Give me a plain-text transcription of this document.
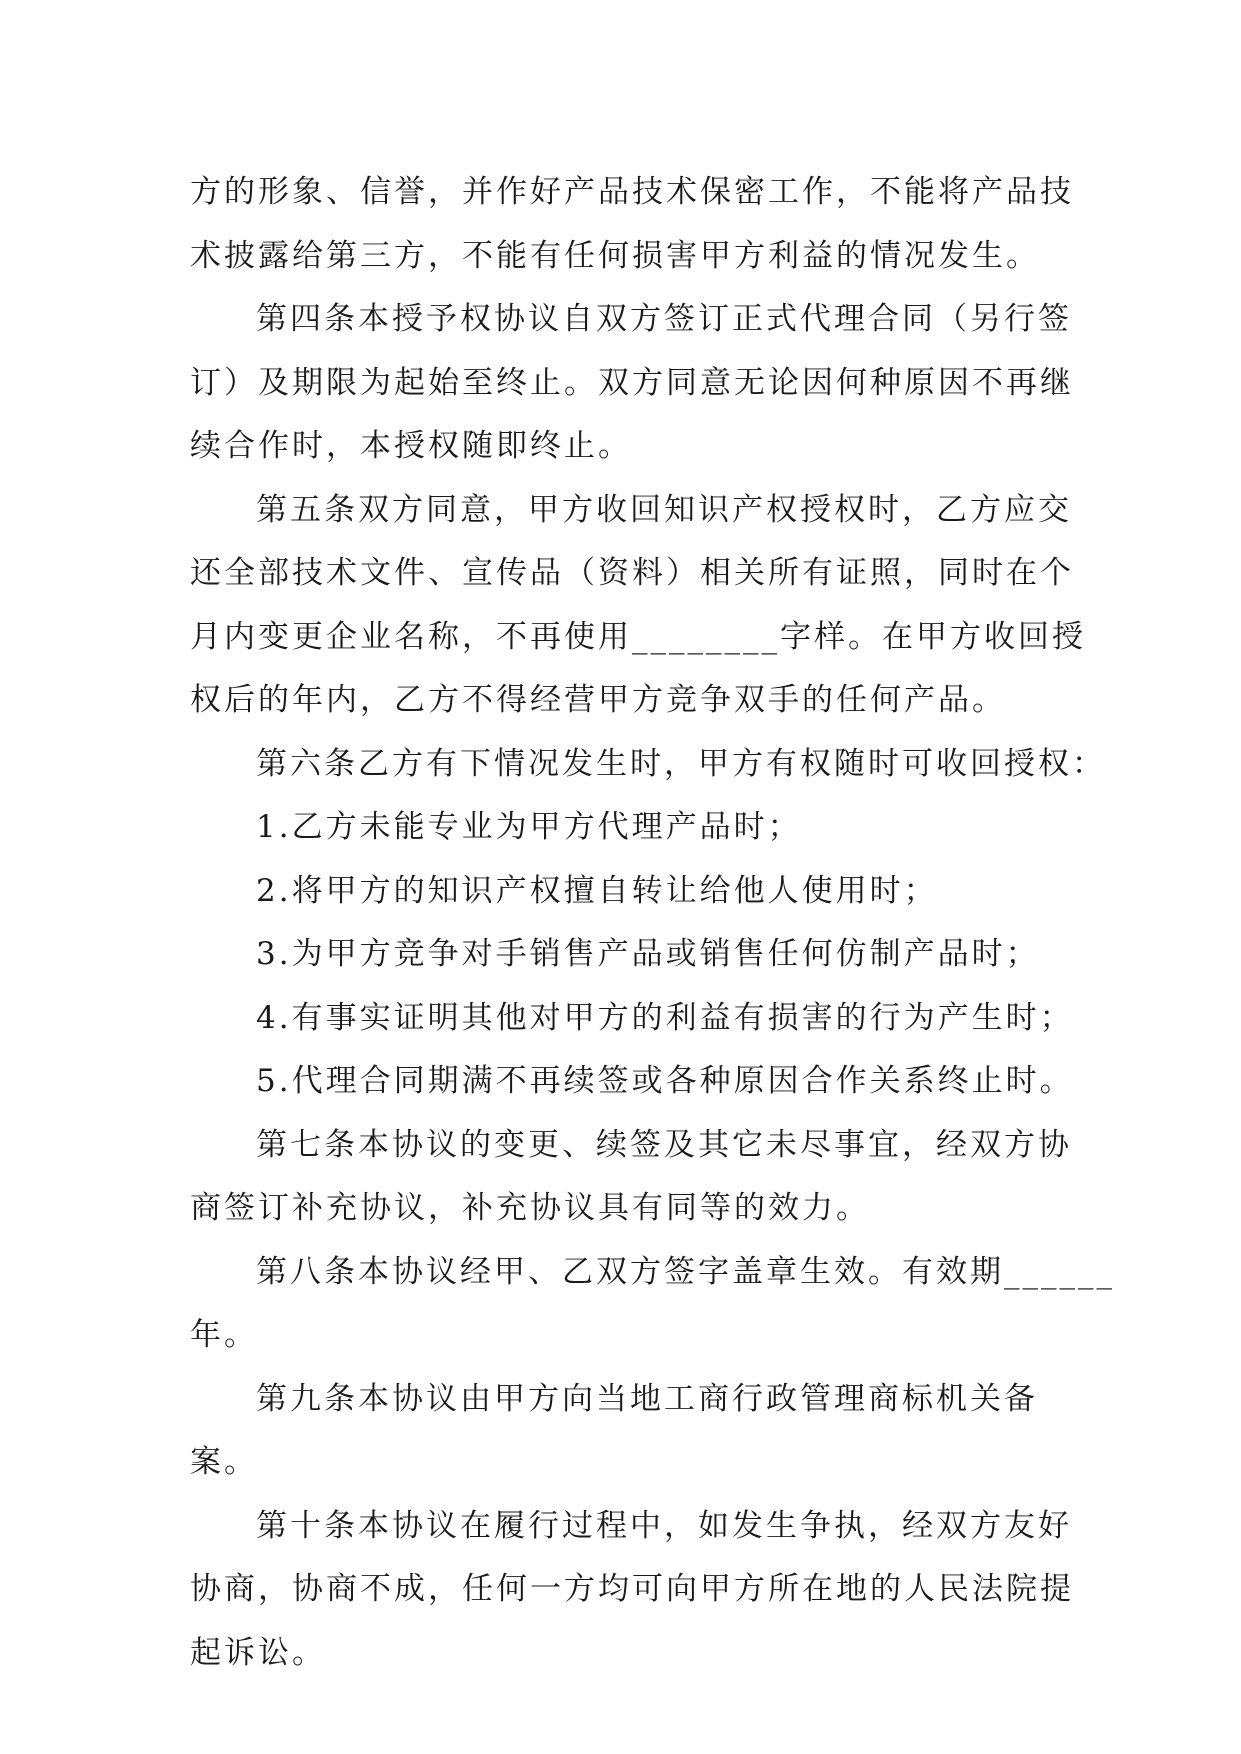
方的形象、信誉，并作好产品技术保密工作，不能将产品技
术披露给第三方，不能有任何损害甲方利益的情况发生。
第四条本授予权协议自双方签订正式代理合同（另行签
订）及期限为起始至终止。双方同意无论因何种原因不再继
续合作时，本授权随即终止。
第五条双方同意，甲方收回知识产权授权时，乙方应交
还全部技术文件、宣传品（资料）相关所有证照，同时在个
月内变更企业名称，不再使用________字样。在甲方收回授
权后的年内，乙方不得经营甲方竞争双手的任何产品。
第六条乙方有下情况发生时，甲方有权随时可收回授权：
1.乙方未能专业为甲方代理产品时；
2.将甲方的知识产权擅自转让给他人使用时；
3.为甲方竞争对手销售产品或销售任何仿制产品时；
4.有事实证明其他对甲方的利益有损害的行为产生时；
5.代理合同期满不再续签或各种原因合作关系终止时。
第七条本协议的变更、续签及其它未尽事宜，经双方协
商签订补充协议，补充协议具有同等的效力。
第八条本协议经甲、乙双方签字盖章生效。有效期______
年。
第九条本协议由甲方向当地工商行政管理商标机关备
案。
第十条本协议在履行过程中，如发生争执，经双方友好
协商，协商不成，任何一方均可向甲方所在地的人民法院提
起诉讼。
